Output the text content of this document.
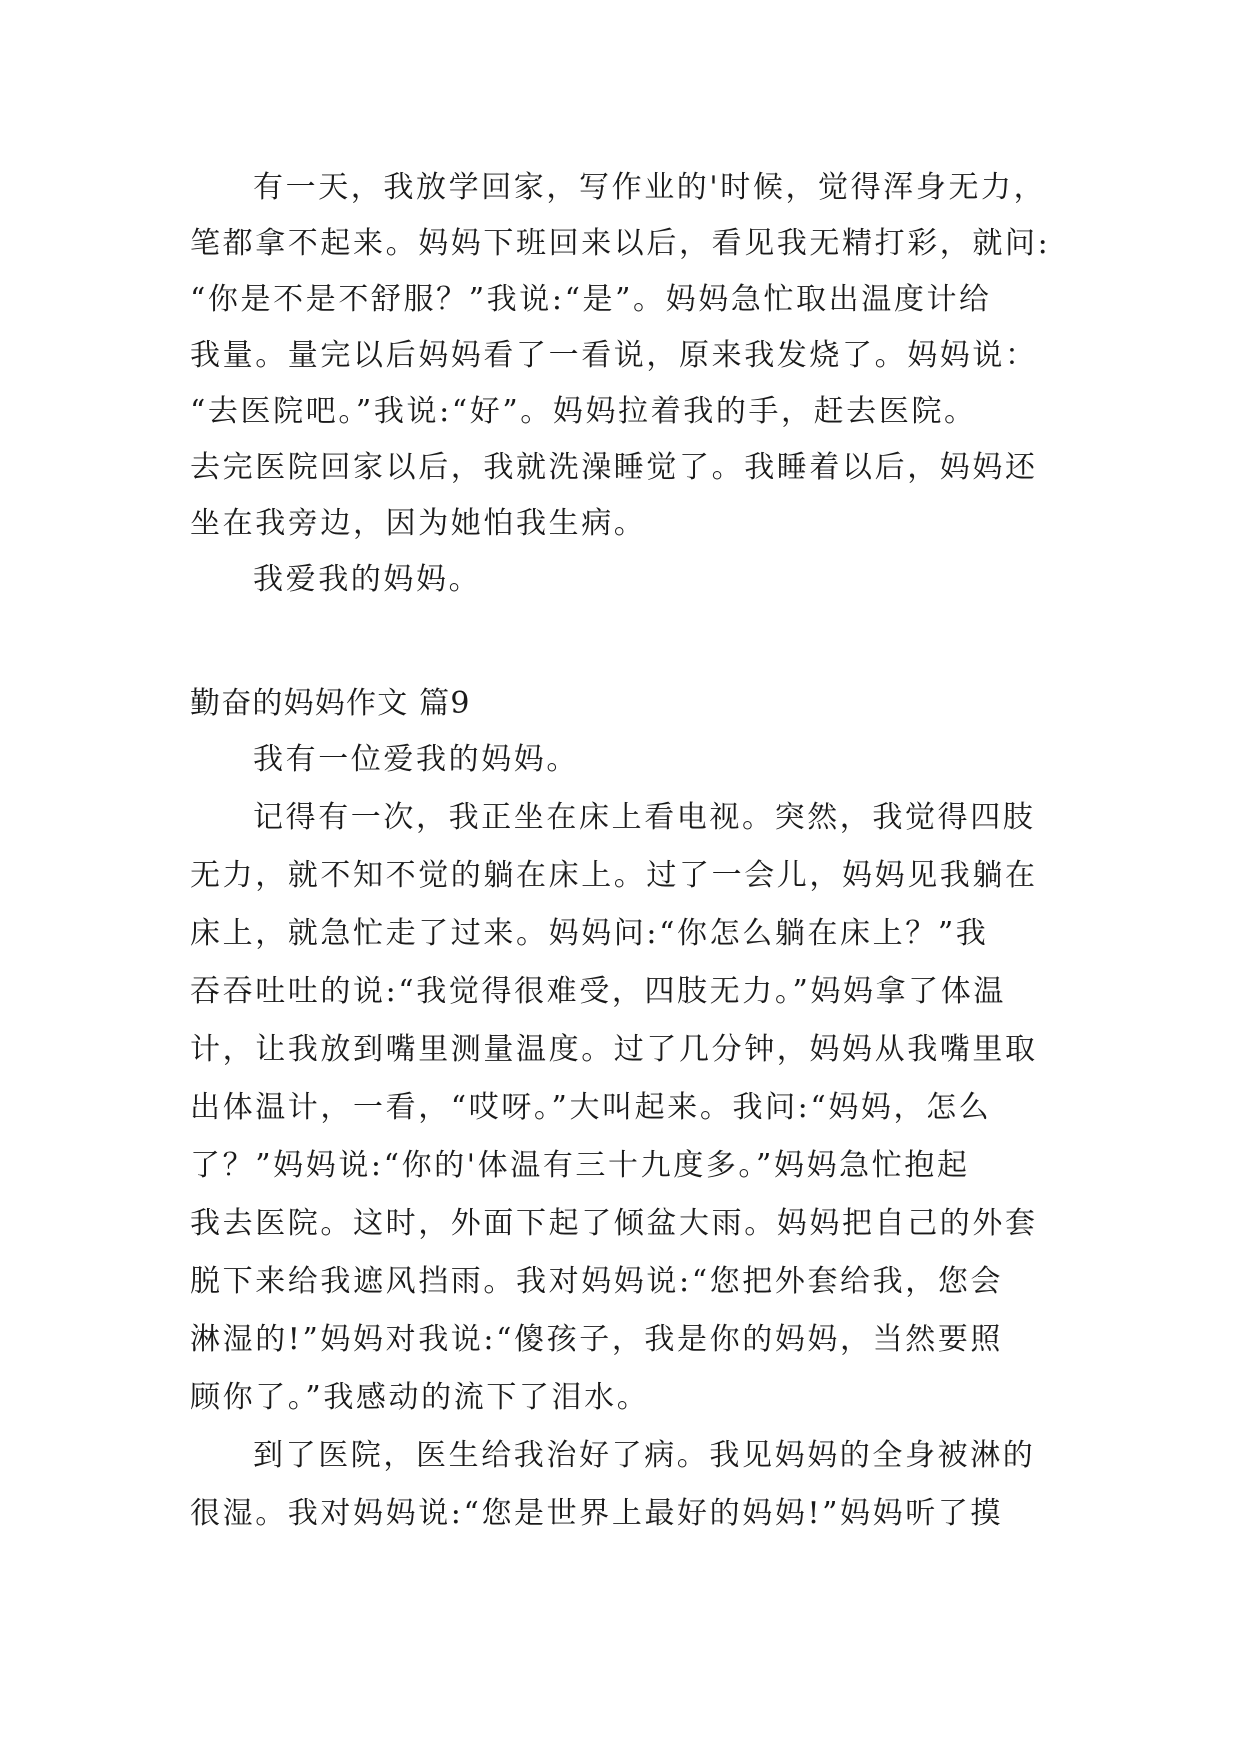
有一天，我放学回家，写作业的'时候，觉得浑身无力，
笔都拿不起来。妈妈下班回来以后，看见我无精打彩，就问:
“你是不是不舒服？”我说:“是”。妈妈急忙取出温度计给
我量。量完以后妈妈看了一看说，原来我发烧了。妈妈说：
“去医院吧。”我说:“好”。妈妈拉着我的手，赶去医院。
去完医院回家以后，我就洗澡睡觉了。我睡着以后，妈妈还
坐在我旁边，因为她怕我生病。
我爱我的妈妈。
勤奋的妈妈作文 篇9
我有一位爱我的妈妈。
记得有一次，我正坐在床上看电视。突然，我觉得四肢
无力，就不知不觉的躺在床上。过了一会儿，妈妈见我躺在
床上，就急忙走了过来。妈妈问:“你怎么躺在床上？”我
吞吞吐吐的说:“我觉得很难受，四肢无力。”妈妈拿了体温
计，让我放到嘴里测量温度。过了几分钟，妈妈从我嘴里取
出体温计，一看，“哎呀。”大叫起来。我问:“妈妈，怎么
了？”妈妈说:“你的'体温有三十九度多。”妈妈急忙抱起
我去医院。这时，外面下起了倾盆大雨。妈妈把自己的外套
脱下来给我遮风挡雨。我对妈妈说:“您把外套给我，您会
淋湿的!”妈妈对我说:“傻孩子，我是你的妈妈，当然要照
顾你了。”我感动的流下了泪水。
到了医院，医生给我治好了病。我见妈妈的全身被淋的
很湿。我对妈妈说:“您是世界上最好的妈妈!”妈妈听了摸
